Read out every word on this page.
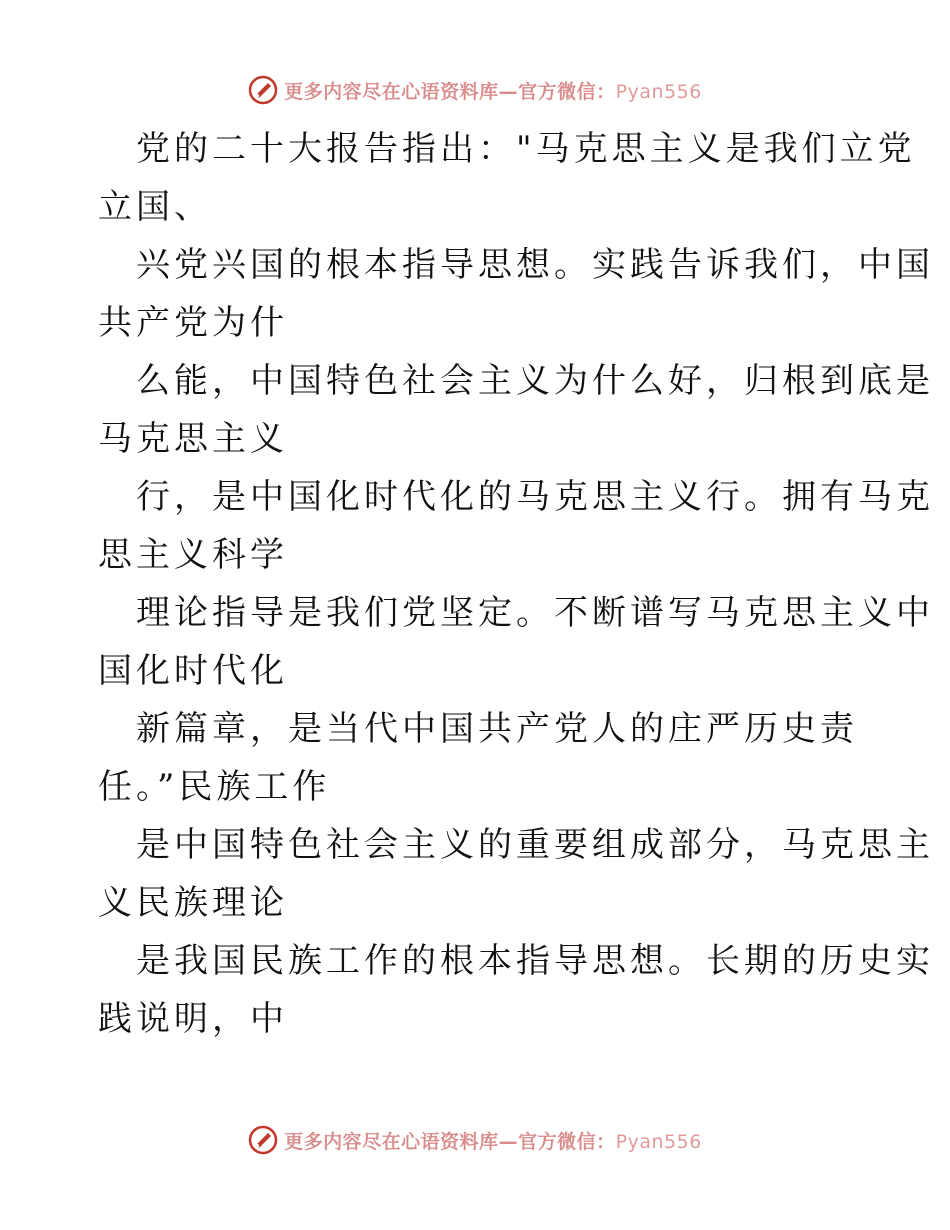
更多内容尽在心语资料库—官方微信：Pyan556

党的二十大报告指出："马克思主义是我们立党
立国、

兴党兴国的根本指导思想。实践告诉我们，中国
共产党为什

么能，中国特色社会主义为什么好，归根到底是
马克思主义

行，是中国化时代化的马克思主义行。拥有马克
思主义科学

理论指导是我们党坚定。不断谱写马克思主义中
国化时代化

新篇章，是当代中国共产党人的庄严历史责
任。”民族工作

是中国特色社会主义的重要组成部分，马克思主
义民族理论

是我国民族工作的根本指导思想。长期的历史实
践说明，中

更多内容尽在心语资料库—官方微信：Pyan556
